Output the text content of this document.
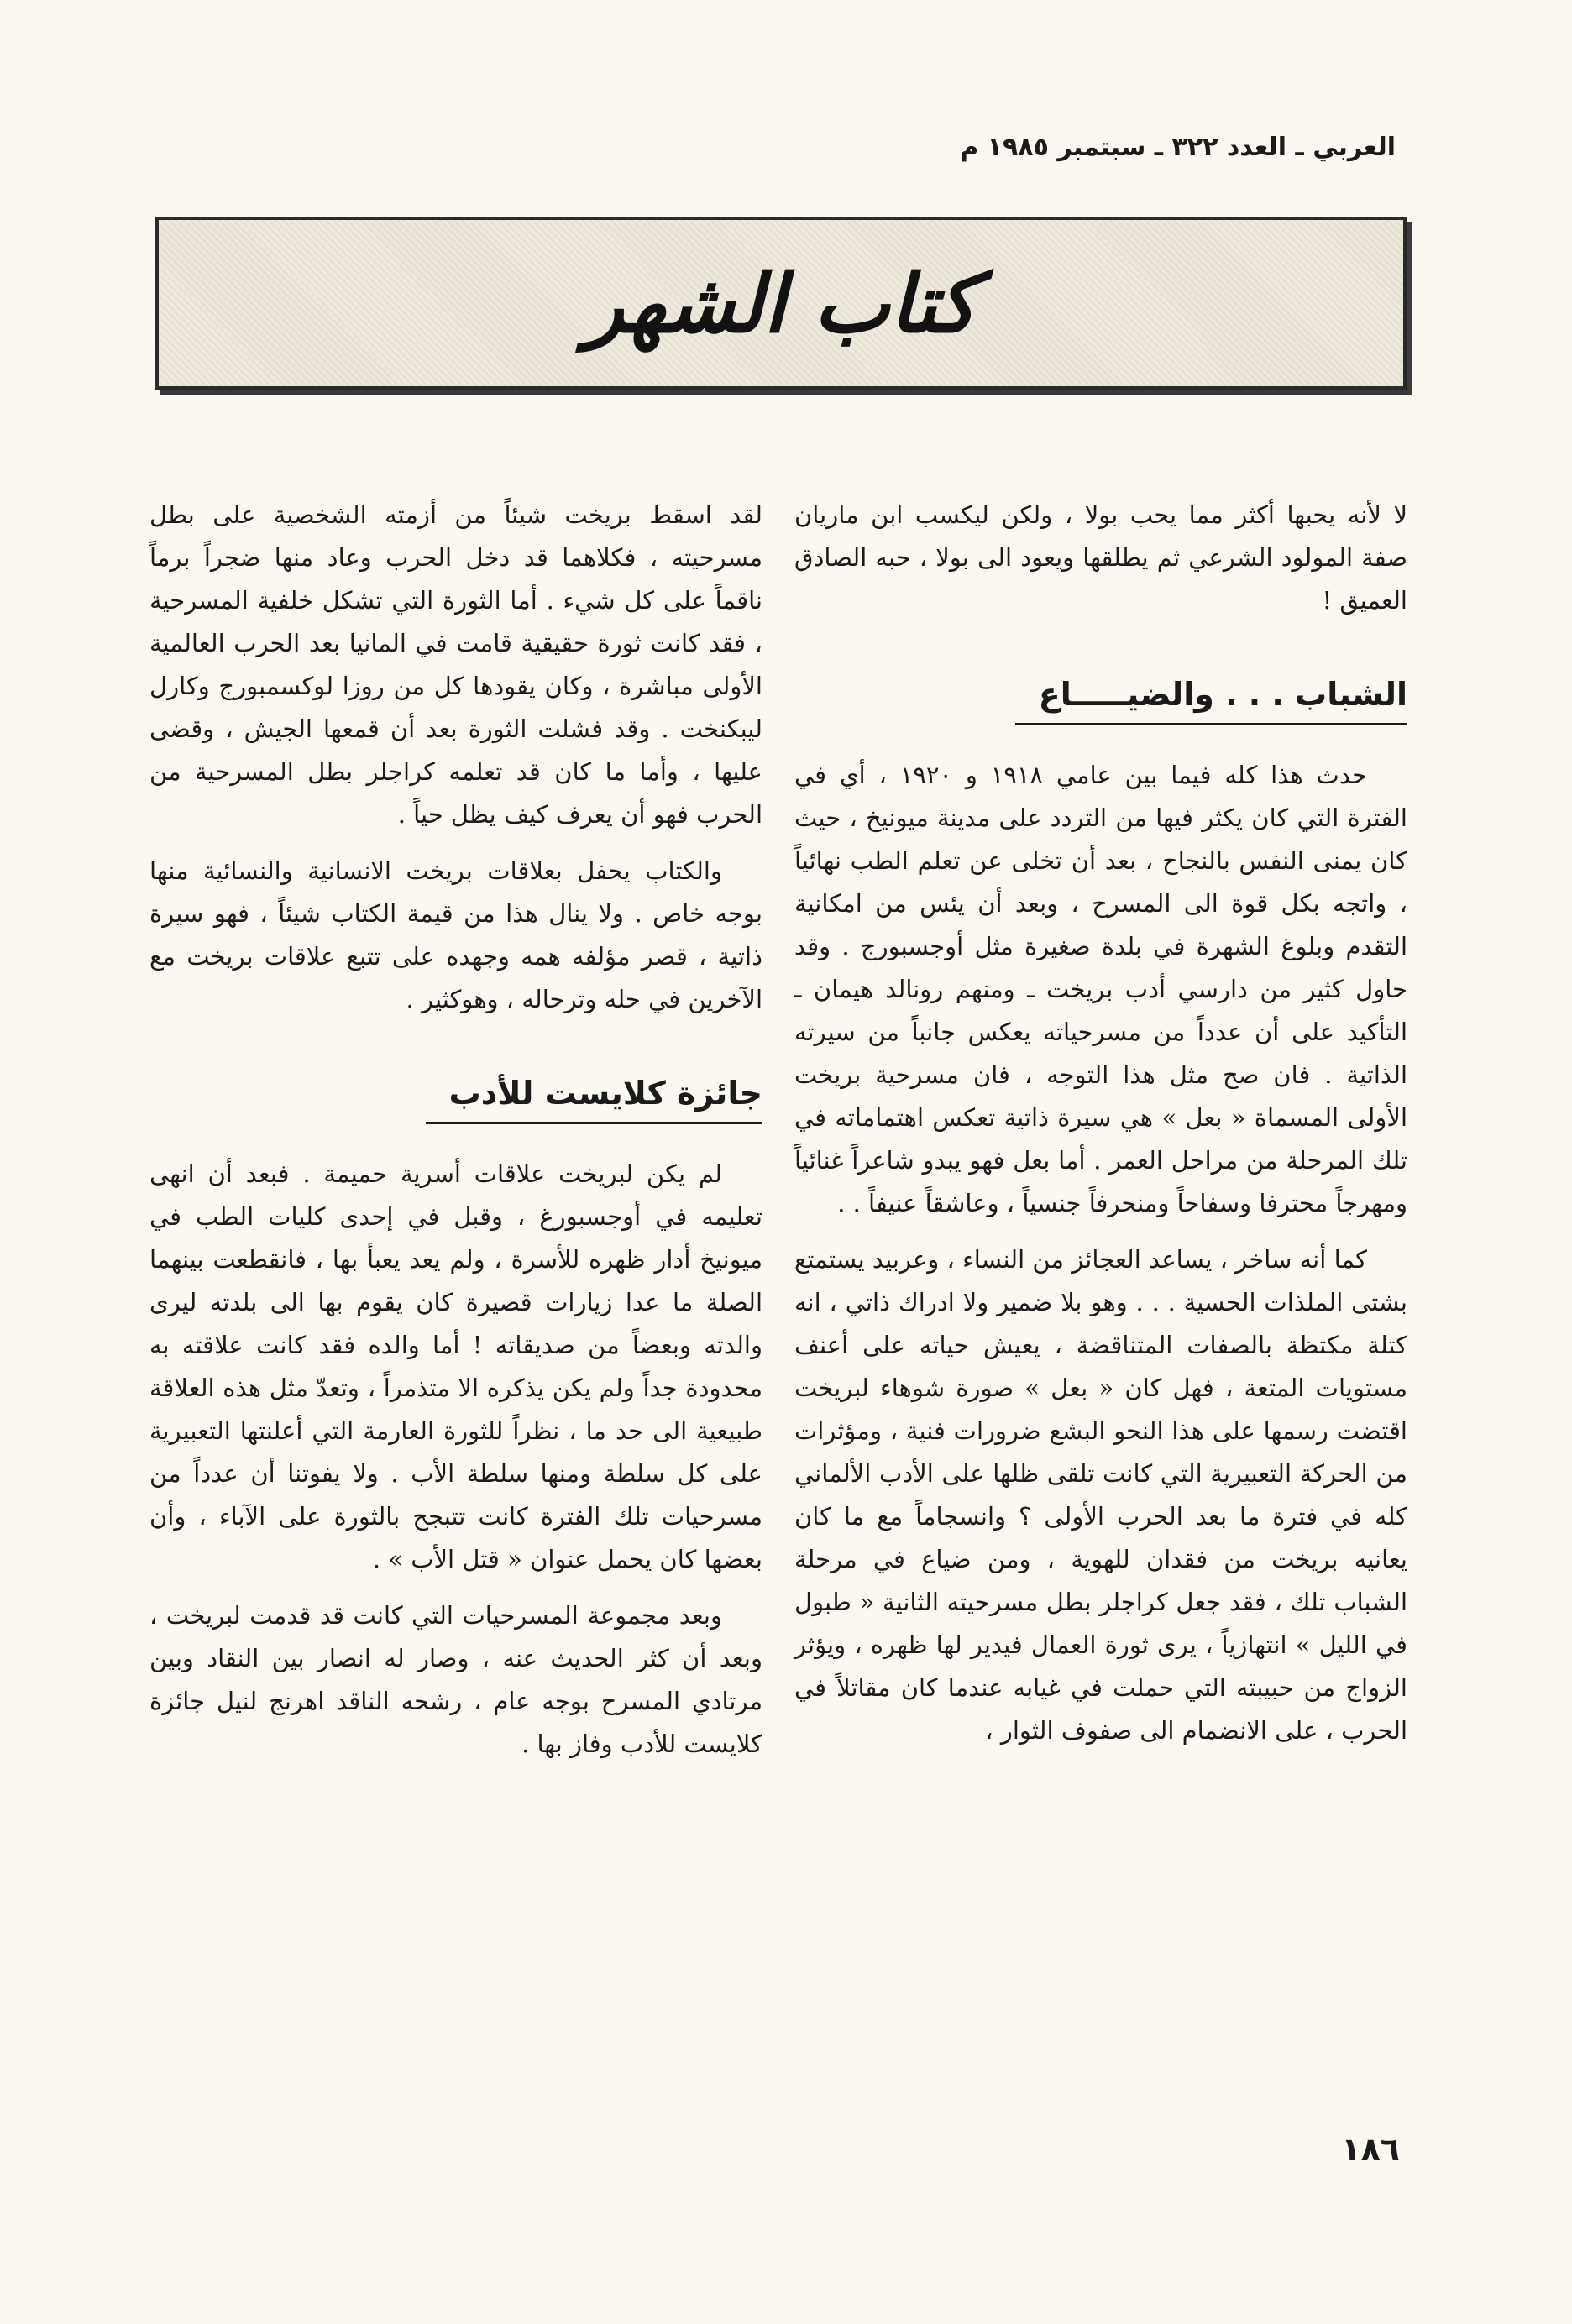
العربي ـ العدد ٣٢٢ ـ سبتمبر ١٩٨٥ م
كتاب الشهر

لا لأنه يحبها أكثر مما يحب بولا ، ولكن ليكسب ابن ماريان صفة المولود الشرعي ثم يطلقها ويعود الى بولا ، حبه الصادق العميق !

الشباب . . . والضيـــــاع

حدث هذا كله فيما بين عامي ١٩١٨ و ١٩٢٠ ، أي في الفترة التي كان يكثر فيها من التردد على مدينة ميونيخ ، حيث كان يمنى النفس بالنجاح ، بعد أن تخلى عن تعلم الطب نهائياً ، واتجه بكل قوة الى المسرح ، وبعد أن يئس من امكانية التقدم وبلوغ الشهرة في بلدة صغيرة مثل أوجسبورج . وقد حاول كثير من دارسي أدب بريخت ـ ومنهم رونالد هيمان ـ التأكيد على أن عدداً من مسرحياته يعكس جانباً من سيرته الذاتية . فان صح مثل هذا التوجه ، فان مسرحية بريخت الأولى المسماة « بعل » هي سيرة ذاتية تعكس اهتماماته في تلك المرحلة من مراحل العمر . أما بعل فهو يبدو شاعراً غنائياً ومهرجاً محترفا وسفاحاً ومنحرفاً جنسياً ، وعاشقاً عنيفاً . .

كما أنه ساخر ، يساعد العجائز من النساء ، وعربيد يستمتع بشتى الملذات الحسية . . . وهو بلا ضمير ولا ادراك ذاتي ، انه كتلة مكتظة بالصفات المتناقضة ، يعيش حياته على أعنف مستويات المتعة ، فهل كان « بعل » صورة شوهاء لبريخت اقتضت رسمها على هذا النحو البشع ضرورات فنية ، ومؤثرات من الحركة التعبيرية التي كانت تلقى ظلها على الأدب الألماني كله في فترة ما بعد الحرب الأولى ؟ وانسجاماً مع ما كان يعانيه بريخت من فقدان للهوية ، ومن ضياع في مرحلة الشباب تلك ، فقد جعل كراجلر بطل مسرحيته الثانية « طبول في الليل » انتهازياً ، يرى ثورة العمال فيدير لها ظهره ، ويؤثر الزواج من حبيبته التي حملت في غيابه عندما كان مقاتلاً في الحرب ، على الانضمام الى صفوف الثوار ،

لقد اسقط بريخت شيئاً من أزمته الشخصية على بطل مسرحيته ، فكلاهما قد دخل الحرب وعاد منها ضجراً برماً ناقماً على كل شيء . أما الثورة التي تشكل خلفية المسرحية ، فقد كانت ثورة حقيقية قامت في المانيا بعد الحرب العالمية الأولى مباشرة ، وكان يقودها كل من روزا لوكسمبورج وكارل ليبكنخت . وقد فشلت الثورة بعد أن قمعها الجيش ، وقضى عليها ، وأما ما كان قد تعلمه كراجلر بطل المسرحية من الحرب فهو أن يعرف كيف يظل حياً .

والكتاب يحفل بعلاقات بريخت الانسانية والنسائية منها بوجه خاص . ولا ينال هذا من قيمة الكتاب شيئاً ، فهو سيرة ذاتية ، قصر مؤلفه همه وجهده على تتبع علاقات بريخت مع الآخرين في حله وترحاله ، وهوكثير .

جائزة كلايست للأدب

لم يكن لبريخت علاقات أسرية حميمة . فبعد أن انهى تعليمه في أوجسبورغ ، وقبل في إحدى كليات الطب في ميونيخ أدار ظهره للأسرة ، ولم يعد يعبأ بها ، فانقطعت بينهما الصلة ما عدا زيارات قصيرة كان يقوم بها الى بلدته ليرى والدته وبعضاً من صديقاته ! أما والده فقد كانت علاقته به محدودة جداً ولم يكن يذكره الا متذمراً ، وتعدّ مثل هذه العلاقة طبيعية الى حد ما ، نظراً للثورة العارمة التي أعلنتها التعبيرية على كل سلطة ومنها سلطة الأب . ولا يفوتنا أن عدداً من مسرحيات تلك الفترة كانت تتبجح بالثورة على الآباء ، وأن بعضها كان يحمل عنوان « قتل الأب » .

وبعد مجموعة المسرحيات التي كانت قد قدمت لبريخت ، وبعد أن كثر الحديث عنه ، وصار له انصار بين النقاد وبين مرتادي المسرح بوجه عام ، رشحه الناقد اهرنج لنيل جائزة كلايست للأدب وفاز بها .

١٨٦
